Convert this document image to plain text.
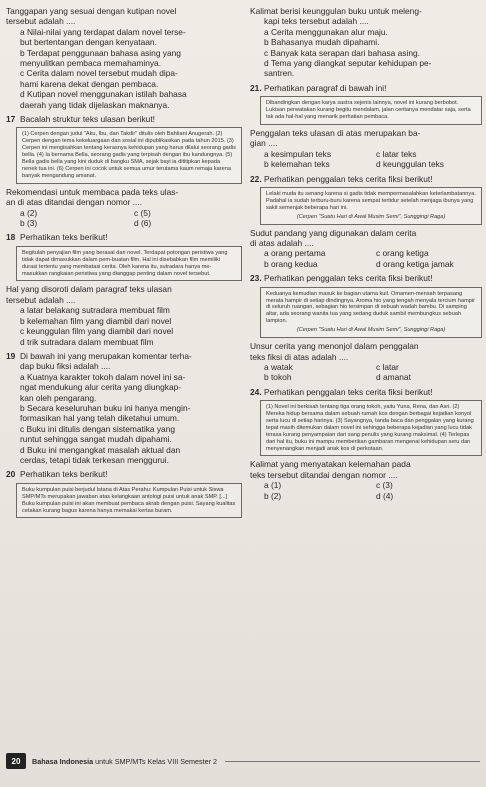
Tanggapan yang sesuai dengan kutipan novel

tersebut adalah ....

a Nilai-nilai yang terdapat dalam novel terse-

but bertentangan dengan kenyataan.

b Terdapat penggunaan bahasa asing yang

menyulitkan pembaca memahaminya.

c Cerita dalam novel tersebut mudah dipa-

hami karena dekat dengan pembaca.

d Kutipan novel menggunakan istilah bahasa

daerah yang tidak dijelaskan maknanya.

17 Bacalah struktur teks ulasan berikut!

(1) Cerpen dengan judul "Aku, Ibu, dan Takdir" ditulis oleh Bahtiani Anugerah. (2) Cerpen dengan tema kekeluargaan dan sosial ini dipublikasikan pada tahun 2015. (3) Cerpen ini mengisahkan tentang kerasnya kehidupan yang harus dilalui seorang gadis bella. (4) Ia bernama Bella, seorang gadis yang terpisah dengan ibu kandungnya. (5) Bella gadis bella yang kini duduk di bangku SMA, sejak bayi ia dititipkan kepada nenek tua ini. (6) Cerpen ini cocok untuk semua umur terutama kaum remaja karena banyak mengandung amanat.

Rekomendasi untuk membaca pada teks ulas-

an di atas ditandai dengan nomor ....

a (2)	c (5)
b (3)	d (6)

18 Perhatikan teks berikut!

Begitulah penyajian film yang berasal dari novel. Terdapat potongan peristiwa yang tidak dapat dimasukkan dalam pem-buatan film. Hal ini disebabkan film memiliki durasi tertentu yang membatasi cerita. Oleh karena itu, sutradara hanya me-masukkan rangkaian peristiwa yang dianggap penting dalam novel tersebut.

Hal yang disoroti dalam paragraf teks ulasan

tersebut adalah ....

a latar belakang sutradara membuat film

b kelemahan film yang diambil dari novel

c keunggulan film yang diambil dari novel

d trik sutradara dalam membuat film

19 Di bawah ini yang merupakan komentar terha-

dap buku fiksi adalah ....

a Kuatnya karakter tokoh dalam novel ini sa-

ngat mendukung alur cerita yang diungkap-

kan oleh pengarang.

b Secara keseluruhan buku ini hanya mengin-

formasikan hal yang telah diketahui umum.

c Buku ini ditulis dengan sistematika yang

runtut sehingga sangat mudah dipahami.

d Buku ini mengangkat masalah aktual dan

cerdas, tetapi tidak terkesan menggurui.

20 Perhatikan teks berikut!

Buku kumpulan puisi berjudul Istana di Atas Perahu: Kumpulan Puisi untuk Siswa SMP/MTs merupakan jawaban atas kelangkaan antologi puisi untuk anak SMP. [...] Buku kumpulan puisi ini akan membuat pembaca akrab dengan puisi. Sayang kualitas cetakan kurang bagus karena hanya memakai kertas buram.

Kalimat berisi keunggulan buku untuk meleng-

kapi teks tersebut adalah ....

a Cerita menggunakan alur maju.

b Bahasanya mudah dipahami.

c Banyak kata serapan dari bahasa asing.

d Tema yang diangkat seputar kehidupan pe-

santren.

21. Perhatikan paragraf di bawah ini!

Dibandingkan dengan karya sastra sejenis lainnya, novel ini kurang berbobot. Lukisan perwatakan kurang begitu mendalam, jalan ceritanya mendatar saja, serta tak ada hal-hal yang menarik perhatian pembaca.

Penggalan teks ulasan di atas merupakan ba-

gian ....

a kesimpulan teks	c latar teks
b kelemahan teks	d keunggulan teks

22. Perhatikan penggalan teks cerita fiksi berikut!

Lelaki muda itu senang karena si gadis tidak mempermasalahkan keterlambatannya. Padahal ia sudah terburu-buru karena sempat tertidur setelah menjaga ibunya yang sakit semenjak beberapa hari ini.
(Cerpen "Suatu Hari di Awal Musim Semi", Sunggingi Raga)

Sudut pandang yang digunakan dalam cerita

di atas adalah ....

a orang pertama	c orang ketiga
b orang kedua	d orang ketiga jamak

23. Perhatikan penggalan teks cerita fiksi berikut!

Keduanya kemudian masuk ke bagian utama kuil. Omamen-mensah terpasang merata hampir di setiap dindingnya. Aroma hio yang tengah menyala tercium hampir di seluruh ruangan, sebagian hio tersimpan di sebuah wadah bambu. Di samping altar, ada seorang wanita tua yang sedang duduk sambil membungkus sebuah lampion.
(Cerpen "Suatu Hari di Awal Musim Semi", Sunggingi Raga)

Unsur cerita yang menonjol dalam penggalan

teks fiksi di atas adalah ....

a watak	c latar
b tokoh	d amanat

24. Perhatikan penggalan teks cerita fiksi berikut!

(1) Novel ini berkisah tentang tiga orang tokoh, yaitu Yuna, Rena, dan Asri. (2) Mereka hidup bersama dalam sebuah rumah kos dengan berbagai kejadian konyol serta lucu di setiap harinya. (3) Sayangnya, tanda baca dan penggalan yang kurang tepat masih ditemukan dalam novel ini sehingga beberapa kejadian yang lucu tidak terasa kurang penyampaian dari sang penulis yang kurang maksimal. (4) Terlepas dari hal itu, buku ini mampu memberikan gambaran mengenai kehidupan seru dan menyenangkan menjadi anak kos di perkotaan.

Kalimat yang menyatakan kelemahan pada

teks tersebut ditandai dengan nomor ....

a (1)	c (3)
b (2)	d (4)
20	Bahasa Indonesia untuk SMP/MTs Kelas VIII Semester 2
